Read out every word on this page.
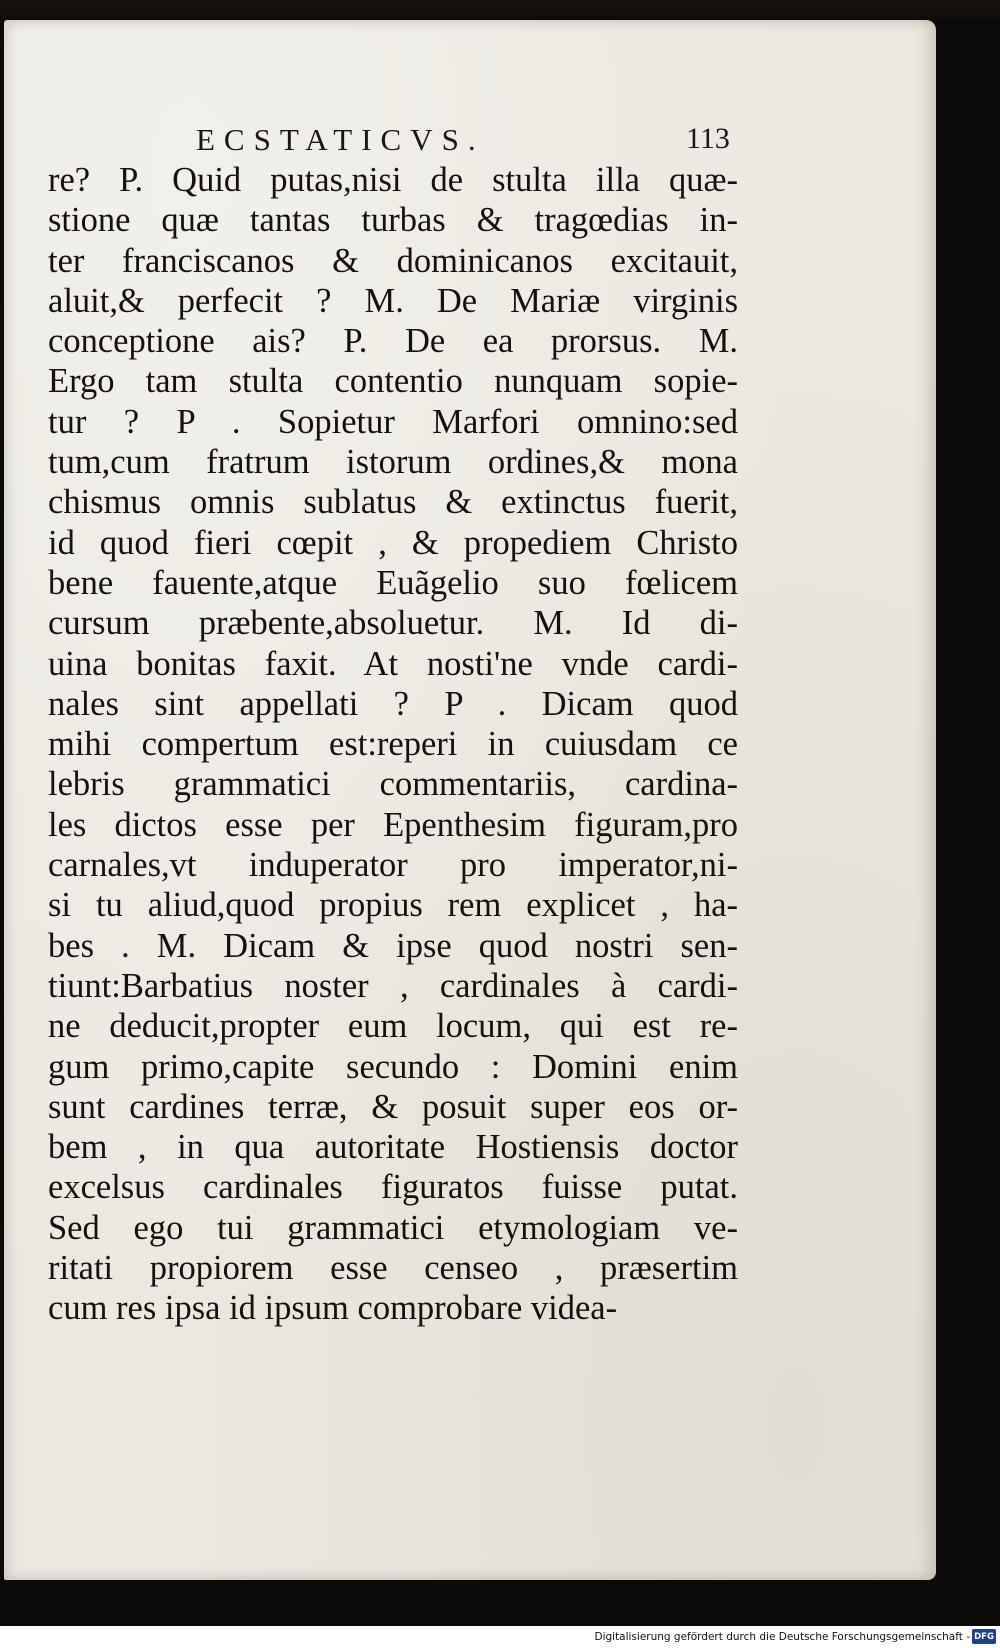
ECSTATICVS.	113
re? P. Quid putas,nisi de stulta illa quæ-
stione quæ tantas turbas & tragœdias in-
ter franciscanos & dominicanos excitauit,
aluit,& perfecit ? M. De Mariæ virginis
conceptione ais? P. De ea prorsus. M.
Ergo tam stulta contentio nunquam sopie-
tur ? P . Sopietur Marfori omnino:sed
tum,cum fratrum istorum ordines,& mona
chismus omnis sublatus & extinctus fuerit,
id quod fieri cœpit , & propediem Christo
bene fauente,atque Euãgelio suo fœlicem
cursum præbente,absoluetur. M. Id di-
uina bonitas faxit. At nosti'ne vnde cardi-
nales sint appellati ? P . Dicam quod
mihi compertum est:reperi in cuiusdam ce
lebris grammatici commentariis, cardina-
les dictos esse per Epenthesim figuram,pro
carnales,vt induperator pro imperator,ni-
si tu aliud,quod propius rem explicet , ha-
bes . M. Dicam & ipse quod nostri sen-
tiunt:Barbatius noster , cardinales à cardi-
ne deducit,propter eum locum, qui est re-
gum primo,capite secundo : Domini enim
sunt cardines terræ, & posuit super eos or-
bem , in qua autoritate Hostiensis doctor
excelsus cardinales figuratos fuisse putat.
Sed ego tui grammatici etymologiam ve-
ritati propiorem esse censeo , præsertim
cum res ipsa id ipsum comprobare videa-
Digitalisierung gefördert durch die Deutsche Forschungsgemeinschaft - DFG
